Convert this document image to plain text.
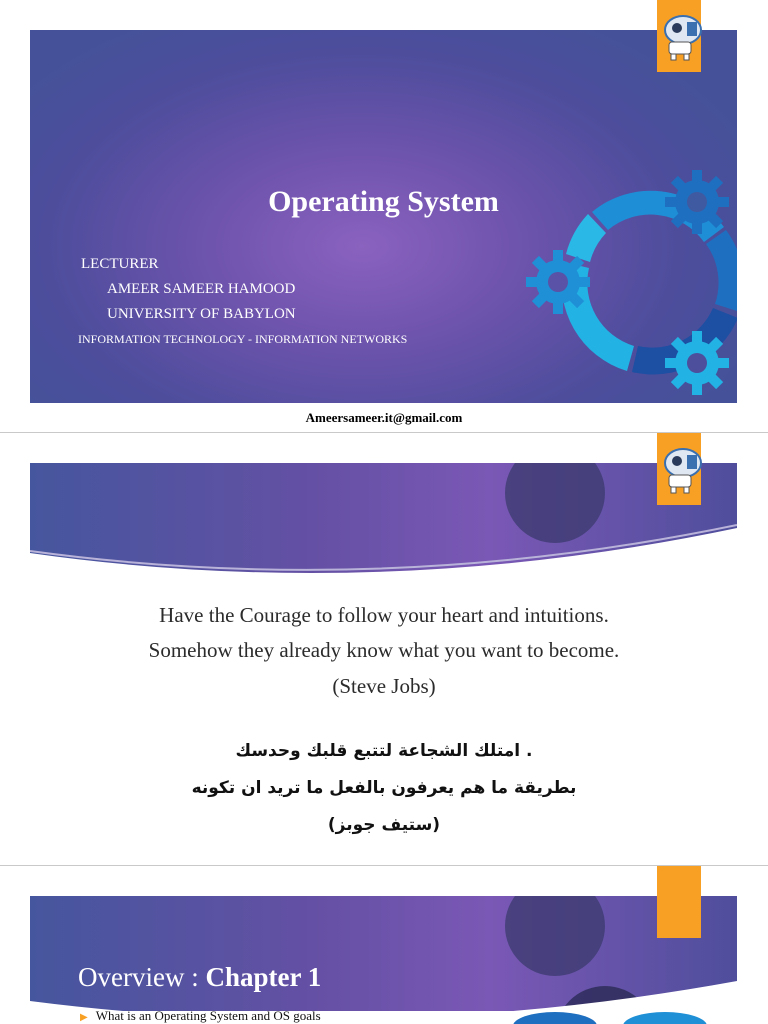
Operating System
LECTURER
AMEER SAMEER HAMOOD
UNIVERSITY OF BABYLON
INFORMATION TECHNOLOGY - INFORMATION NETWORKS
Ameersameer.it@gmail.com
Have the Courage to follow your heart and intuitions.
Somehow they already know what you want to become.
(Steve Jobs)
. امتلك الشجاعة لتتبع قلبك وحدسك
بطريقة ما هم يعرفون بالفعل ما تريد ان تكونه
(ستيف جوبز)
Overview : Chapter 1
▶ What is an Operating System and OS goals
